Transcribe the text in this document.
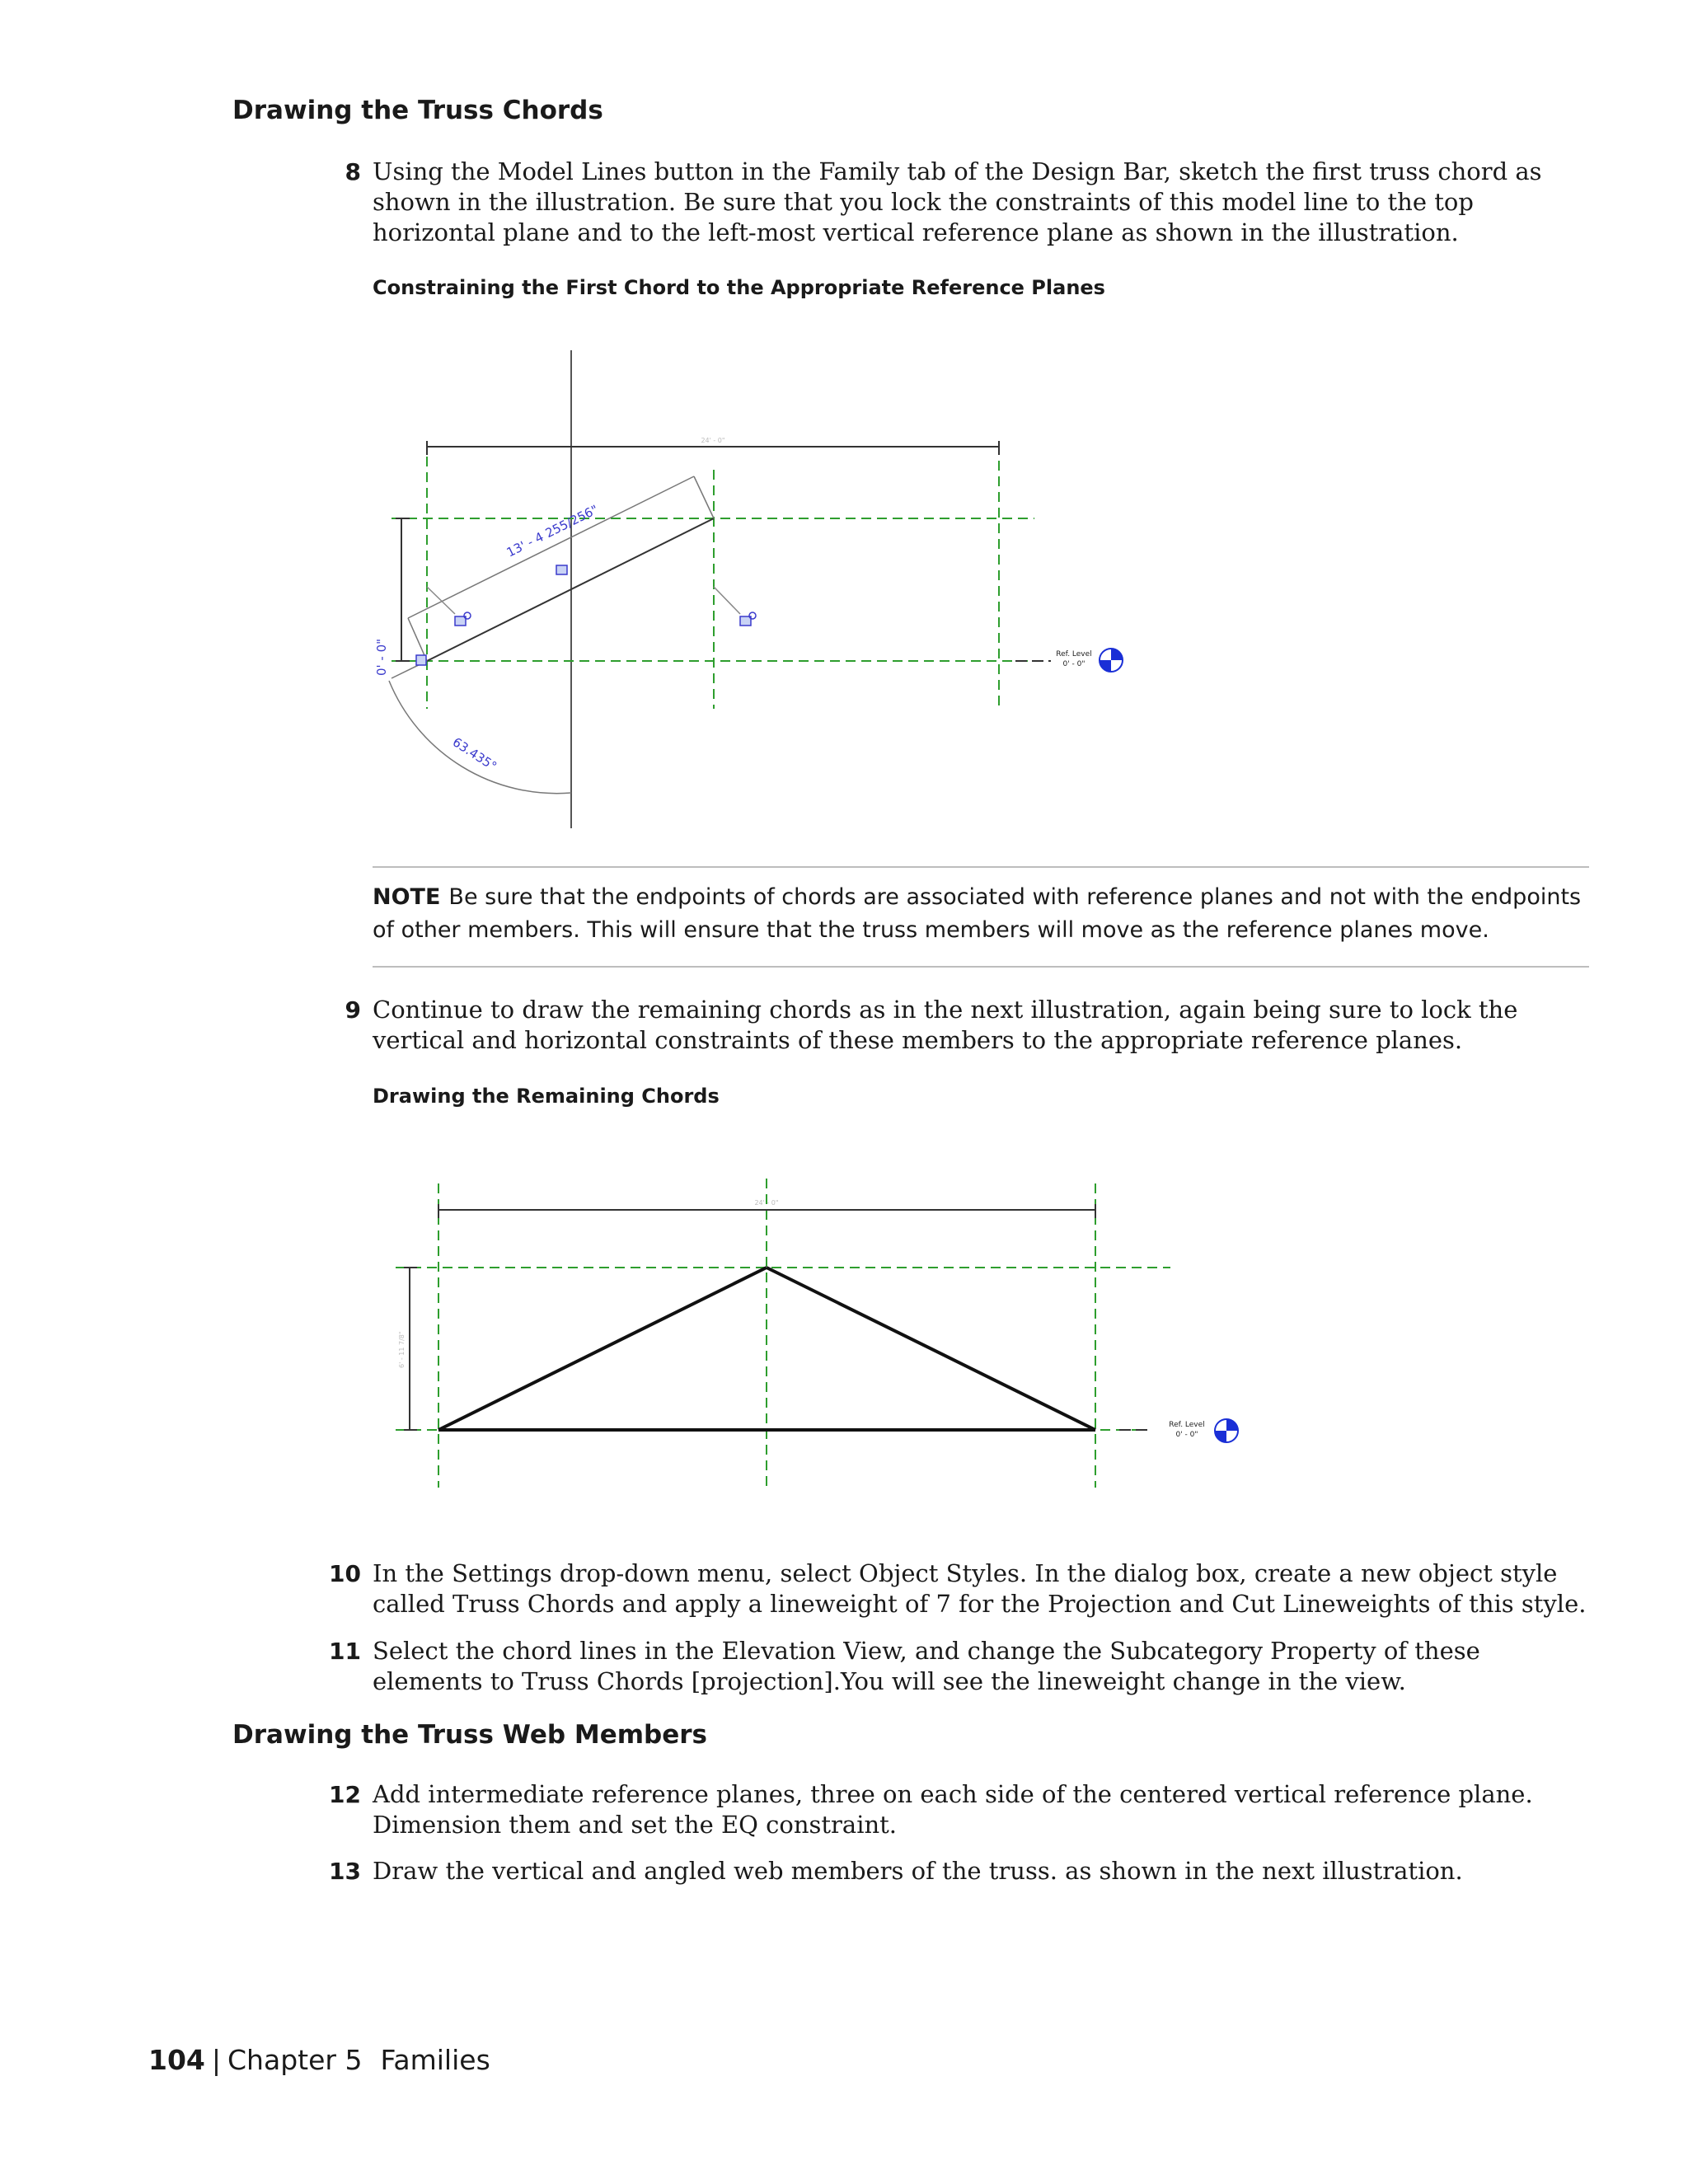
Drawing the Truss Chords
8 Using the Model Lines button in the Family tab of the Design Bar, sketch the first truss chord as shown in the illustration. Be sure that you lock the constraints of this model line to the top horizontal plane and to the left-most vertical reference plane as shown in the illustration.
Constraining the First Chord to the Appropriate Reference Planes
24' - 0"
0' - 0"
13' - 4 255/256"
63.435°
Ref. Level
0' - 0"
NOTE Be sure that the endpoints of chords are associated with reference planes and not with the endpoints of other members. This will ensure that the truss members will move as the reference planes move.
9 Continue to draw the remaining chords as in the next illustration, again being sure to lock the vertical and horizontal constraints of these members to the appropriate reference planes.
Drawing the Remaining Chords
24' - 0"
6' - 11 7/8"
Ref. Level
0' - 0"
10 In the Settings drop-down menu, select Object Styles. In the dialog box, create a new object style called Truss Chords and apply a lineweight of 7 for the Projection and Cut Lineweights of this style.
11 Select the chord lines in the Elevation View, and change the Subcategory Property of these elements to Truss Chords [projection].You will see the lineweight change in the view.
Drawing the Truss Web Members
12 Add intermediate reference planes, three on each side of the centered vertical reference plane. Dimension them and set the EQ constraint.
13 Draw the vertical and angled web members of the truss. as shown in the next illustration.
104 | Chapter 5 Families
